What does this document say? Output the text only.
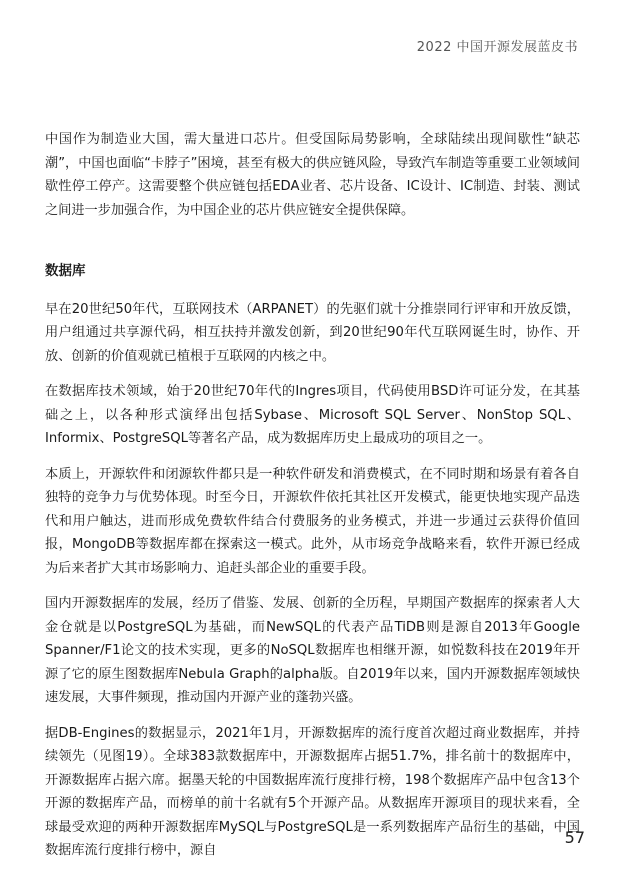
2022 中国开源发展蓝皮书

中国作为制造业大国，需大量进口芯片。但受国际局势影响，全球陆续出现间歇性“缺芯潮”，中国也面临“卡脖子”困境，甚至有极大的供应链风险，导致汽车制造等重要工业领域间歇性停工停产。这需要整个供应链包括EDA业者、芯片设备、IC设计、IC制造、封装、测试之间进一步加强合作，为中国企业的芯片供应链安全提供保障。

数据库

早在20世纪50年代，互联网技术（ARPANET）的先驱们就十分推崇同行评审和开放反馈，用户组通过共享源代码，相互扶持并激发创新，到20世纪90年代互联网诞生时，协作、开放、创新的价值观就已植根于互联网的内核之中。

在数据库技术领域，始于20世纪70年代的Ingres项目，代码使用BSD许可证分发，在其基础之上，以各种形式演绎出包括Sybase、Microsoft SQL Server、NonStop SQL、Informix、PostgreSQL等著名产品，成为数据库历史上最成功的项目之一。

本质上，开源软件和闭源软件都只是一种软件研发和消费模式，在不同时期和场景有着各自独特的竞争力与优势体现。时至今日，开源软件依托其社区开发模式，能更快地实现产品迭代和用户触达，进而形成免费软件结合付费服务的业务模式，并进一步通过云获得价值回报，MongoDB等数据库都在探索这一模式。此外，从市场竞争战略来看，软件开源已经成为后来者扩大其市场影响力、追赶头部企业的重要手段。

国内开源数据库的发展，经历了借鉴、发展、创新的全历程，早期国产数据库的探索者人大金仓就是以PostgreSQL为基础，而NewSQL的代表产品TiDB则是源自2013年Google Spanner/F1论文的技术实现，更多的NoSQL数据库也相继开源，如悦数科技在2019年开源了它的原生图数据库Nebula Graph的alpha版。自2019年以来，国内开源数据库领域快速发展，大事件频现，推动国内开源产业的蓬勃兴盛。

据DB-Engines的数据显示，2021年1月，开源数据库的流行度首次超过商业数据库，并持续领先（见图19）。全球383款数据库中，开源数据库占据51.7%，排名前十的数据库中，开源数据库占据六席。据墨天轮的中国数据库流行度排行榜，198个数据库产品中包含13个开源的数据库产品，而榜单的前十名就有5个开源产品。从数据库开源项目的现状来看，全球最受欢迎的两种开源数据库MySQL与PostgreSQL是一系列数据库产品衍生的基础，中国数据库流行度排行榜中，源自

57
